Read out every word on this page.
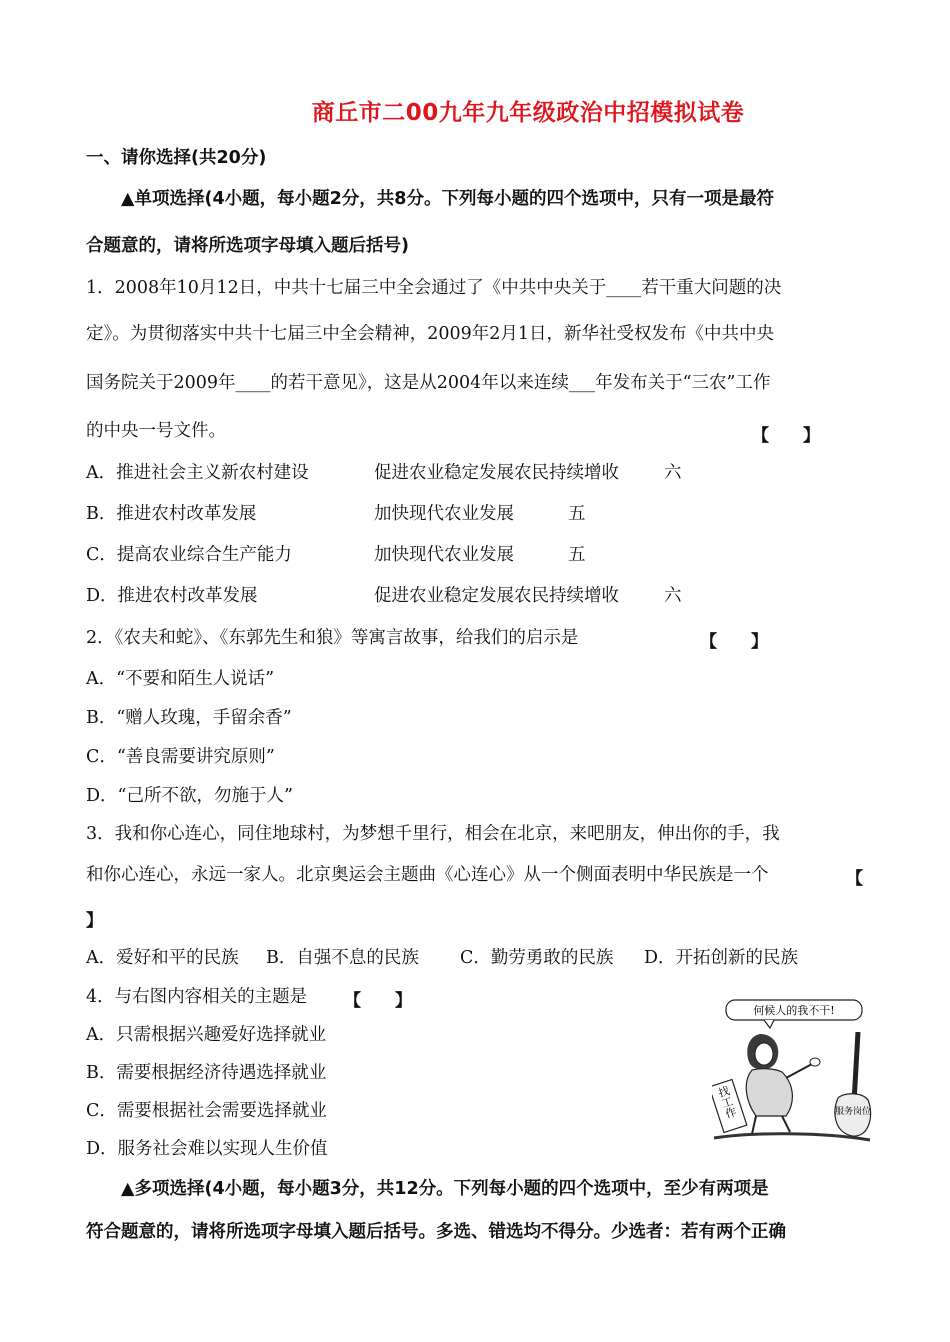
商丘市二00九年九年级政治中招模拟试卷
一、请你选择(共20分)
▲单项选择(4小题，每小题2分，共8分。下列每小题的四个选项中，只有一项是最符
合题意的，请将所选项字母填入题后括号)
1．2008年10月12日，中共十七届三中全会通过了《中共中央关于____若干重大问题的决
定》。为贯彻落实中共十七届三中全会精神，2009年2月1日，新华社受权发布《中共中央
国务院关于2009年____的若干意见》，这是从2004年以来连续___年发布关于“三农”工作
的中央一号文件。	【　　】
A．推进社会主义新农村建设	促进农业稳定发展农民持续增收	六
B．推进农村改革发展	加快现代农业发展	五
C．提高农业综合生产能力	加快现代农业发展	五
D．推进农村改革发展	促进农业稳定发展农民持续增收	六
2．《农夫和蛇》、《东郭先生和狼》等寓言故事，给我们的启示是	【　　】
A．“不要和陌生人说话”
B．“赠人玫瑰，手留余香”
C．“善良需要讲究原则”
D．“己所不欲，勿施于人”
3．我和你心连心，同住地球村，为梦想千里行，相会在北京，来吧朋友，伸出你的手，我
和你心连心，永远一家人。北京奥运会主题曲《心连心》从一个侧面表明中华民族是一个	【
】
A．爱好和平的民族 B．自强不息的民族 C．勤劳勇敢的民族 D．开拓创新的民族
4．与右图内容相关的主题是 【　　】
A．只需根据兴趣爱好选择就业
B．需要根据经济待遇选择就业
C．需要根据社会需要选择就业
D．服务社会难以实现人生价值
何候人的我不干!
找工作	服务岗位
▲多项选择(4小题，每小题3分，共12分。下列每小题的四个选项中，至少有两项是
符合题意的，请将所选项字母填入题后括号。多选、错选均不得分。少选者：若有两个正确
